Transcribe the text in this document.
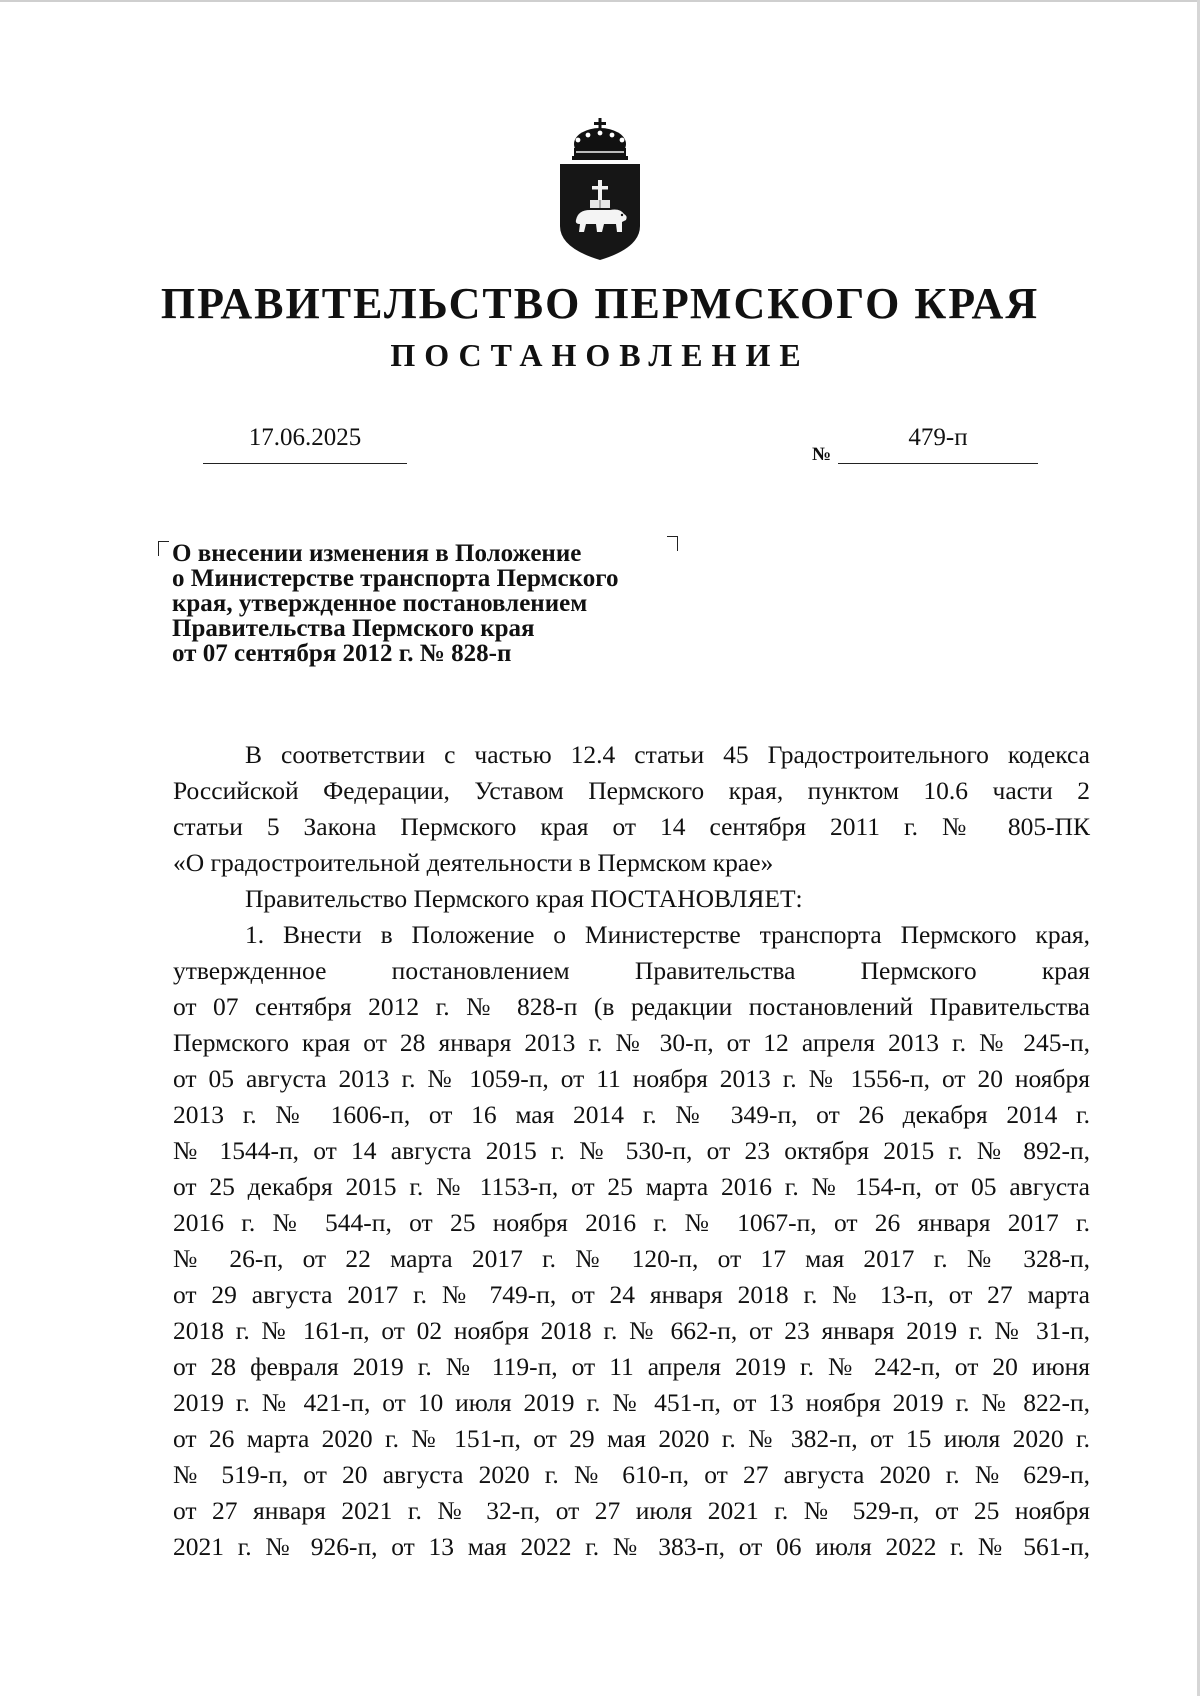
ПРАВИТЕЛЬСТВО ПЕРМСКОГО КРАЯ
ПОСТАНОВЛЕНИЕ
17.06.2025
№
479-п
О внесении изменения в Положение
о Министерстве транспорта Пермского
края, утвержденное постановлением
Правительства Пермского края
от 07 сентября 2012 г. № 828-п
В соответствии с частью 12.4 статьи 45 Градостроительного кодекса
Российской Федерации, Уставом Пермского края, пунктом 10.6 части 2
статьи 5 Закона Пермского края от 14 сентября 2011 г. № 805-ПК
«О градостроительной деятельности в Пермском крае»
Правительство Пермского края ПОСТАНОВЛЯЕТ:
1. Внести в Положение о Министерстве транспорта Пермского края,
утвержденное постановлением Правительства Пермского края
от 07 сентября 2012 г. № 828-п (в редакции постановлений Правительства
Пермского края от 28 января 2013 г. № 30-п, от 12 апреля 2013 г. № 245-п,
от 05 августа 2013 г. № 1059-п, от 11 ноября 2013 г. № 1556-п, от 20 ноября
2013 г. № 1606-п, от 16 мая 2014 г. № 349-п, от 26 декабря 2014 г.
№ 1544-п, от 14 августа 2015 г. № 530-п, от 23 октября 2015 г. № 892-п,
от 25 декабря 2015 г. № 1153-п, от 25 марта 2016 г. № 154-п, от 05 августа
2016 г. № 544-п, от 25 ноября 2016 г. № 1067-п, от 26 января 2017 г.
№ 26-п, от 22 марта 2017 г. № 120-п, от 17 мая 2017 г. № 328-п,
от 29 августа 2017 г. № 749-п, от 24 января 2018 г. № 13-п, от 27 марта
2018 г. № 161-п, от 02 ноября 2018 г. № 662-п, от 23 января 2019 г. № 31-п,
от 28 февраля 2019 г. № 119-п, от 11 апреля 2019 г. № 242-п, от 20 июня
2019 г. № 421-п, от 10 июля 2019 г. № 451-п, от 13 ноября 2019 г. № 822-п,
от 26 марта 2020 г. № 151-п, от 29 мая 2020 г. № 382-п, от 15 июля 2020 г.
№ 519-п, от 20 августа 2020 г. № 610-п, от 27 августа 2020 г. № 629-п,
от 27 января 2021 г. № 32-п, от 27 июля 2021 г. № 529-п, от 25 ноября
2021 г. № 926-п, от 13 мая 2022 г. № 383-п, от 06 июля 2022 г. № 561-п,
